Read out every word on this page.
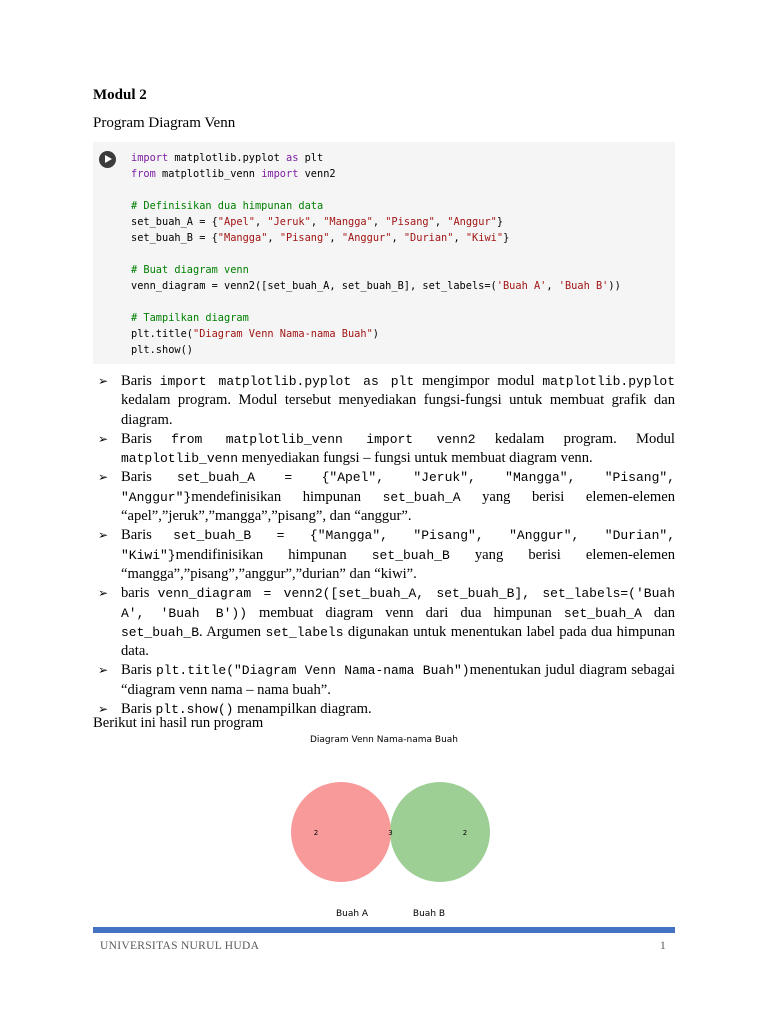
Modul 2
Program Diagram Venn
import matplotlib.pyplot as plt
from matplotlib_venn import venn2
# Definisikan dua himpunan data
set_buah_A = {"Apel", "Jeruk", "Mangga", "Pisang", "Anggur"}
set_buah_B = {"Mangga", "Pisang", "Anggur", "Durian", "Kiwi"}
# Buat diagram venn
venn_diagram = venn2([set_buah_A, set_buah_B], set_labels=('Buah A', 'Buah B'))
# Tampilkan diagram
plt.title("Diagram Venn Nama-nama Buah")
plt.show()
➢ Baris import matplotlib.pyplot as plt mengimpor modul matplotlib.pyplot kedalam program. Modul tersebut menyediakan fungsi-fungsi untuk membuat grafik dan diagram.
➢ Baris from matplotlib_venn import venn2 kedalam program. Modul matplotlib_venn menyediakan fungsi – fungsi untuk membuat diagram venn.
➢ Baris set_buah_A = {"Apel", "Jeruk", "Mangga", "Pisang", "Anggur"}mendefinisikan himpunan set_buah_A yang berisi elemen-elemen “apel”,”jeruk”,”mangga”,”pisang”, dan “anggur”.
➢ Baris set_buah_B = {"Mangga", "Pisang", "Anggur", "Durian", "Kiwi"}mendifinisikan himpunan set_buah_B yang berisi elemen-elemen “mangga”,”pisang”,”anggur”,”durian” dan “kiwi”.
➢ baris venn_diagram = venn2([set_buah_A, set_buah_B], set_labels=('Buah A', 'Buah B')) membuat diagram venn dari dua himpunan set_buah_A dan set_buah_B. Argumen set_labels digunakan untuk menentukan label pada dua himpunan data.
➢ Baris plt.title("Diagram Venn Nama-nama Buah")menentukan judul diagram sebagai “diagram venn nama – nama buah”.
➢ Baris plt.show() menampilkan diagram.
Berikut ini hasil run program
Diagram Venn Nama-nama Buah
2	3	2
Buah A	Buah B
UNIVERSITAS NURUL HUDA	1
